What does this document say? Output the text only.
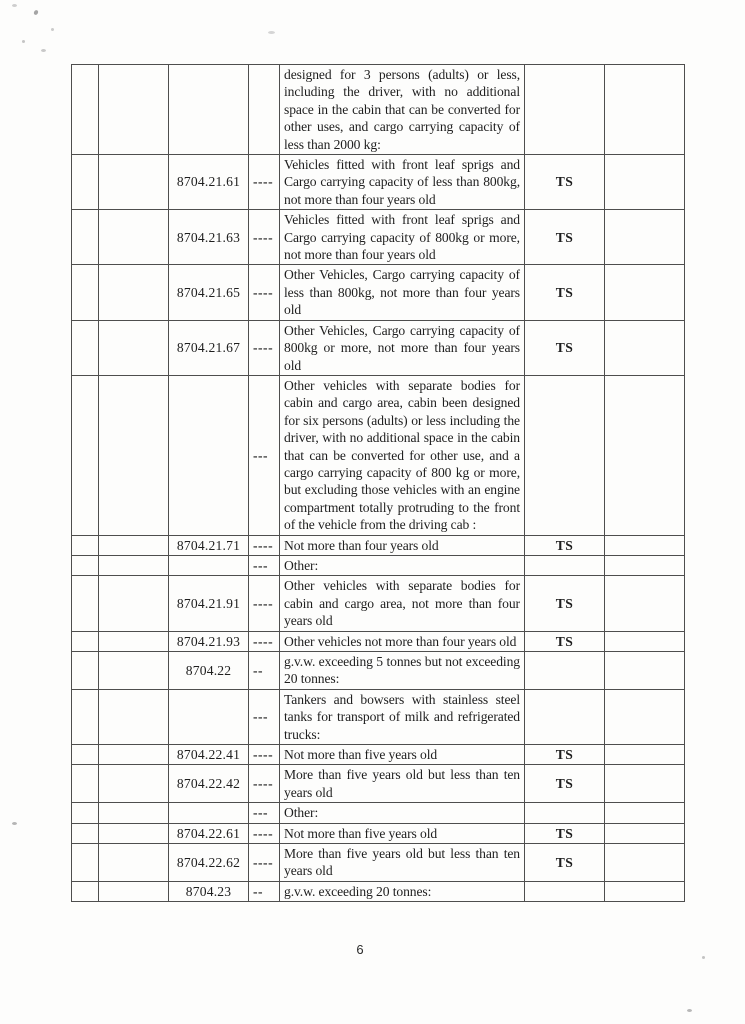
				designed for 3 persons (adults) or less, including the driver, with no additional space in the cabin that can be converted for other uses, and cargo carrying capacity of less than 2000 kg:		
		8704.21.61	----	Vehicles fitted with front leaf sprigs and Cargo carrying capacity of less than 800kg, not more than four years old	TS	
		8704.21.63	----	Vehicles fitted with front leaf sprigs and Cargo carrying capacity of 800kg or more, not more than four years old	TS	
		8704.21.65	----	Other Vehicles, Cargo carrying capacity of less than 800kg, not more than four years old	TS	
		8704.21.67	----	Other Vehicles, Cargo carrying capacity of 800kg or more, not more than four years old	TS	
			---	Other vehicles with separate bodies for cabin and cargo area, cabin been designed for six persons (adults) or less including the driver, with no additional space in the cabin that can be converted for other use, and a cargo carrying capacity of 800 kg or more, but excluding those vehicles with an engine compartment totally protruding to the front of the vehicle from the driving cab :		
		8704.21.71	----	Not more than four years old	TS	
			---	Other:		
		8704.21.91	----	Other vehicles with separate bodies for cabin and cargo area, not more than four years old	TS	
		8704.21.93	----	Other vehicles not more than four years old	TS	
		8704.22	--	g.v.w. exceeding 5 tonnes but not exceeding 20 tonnes:		
			---	Tankers and bowsers with stainless steel tanks for transport of milk and refrigerated trucks:		
		8704.22.41	----	Not more than five years old	TS	
		8704.22.42	----	More than five years old but less than ten years old	TS	
			---	Other:		
		8704.22.61	----	Not more than five years old	TS	
		8704.22.62	----	More than five years old but less than ten years old	TS	
		8704.23	--	g.v.w. exceeding 20 tonnes:		
6
